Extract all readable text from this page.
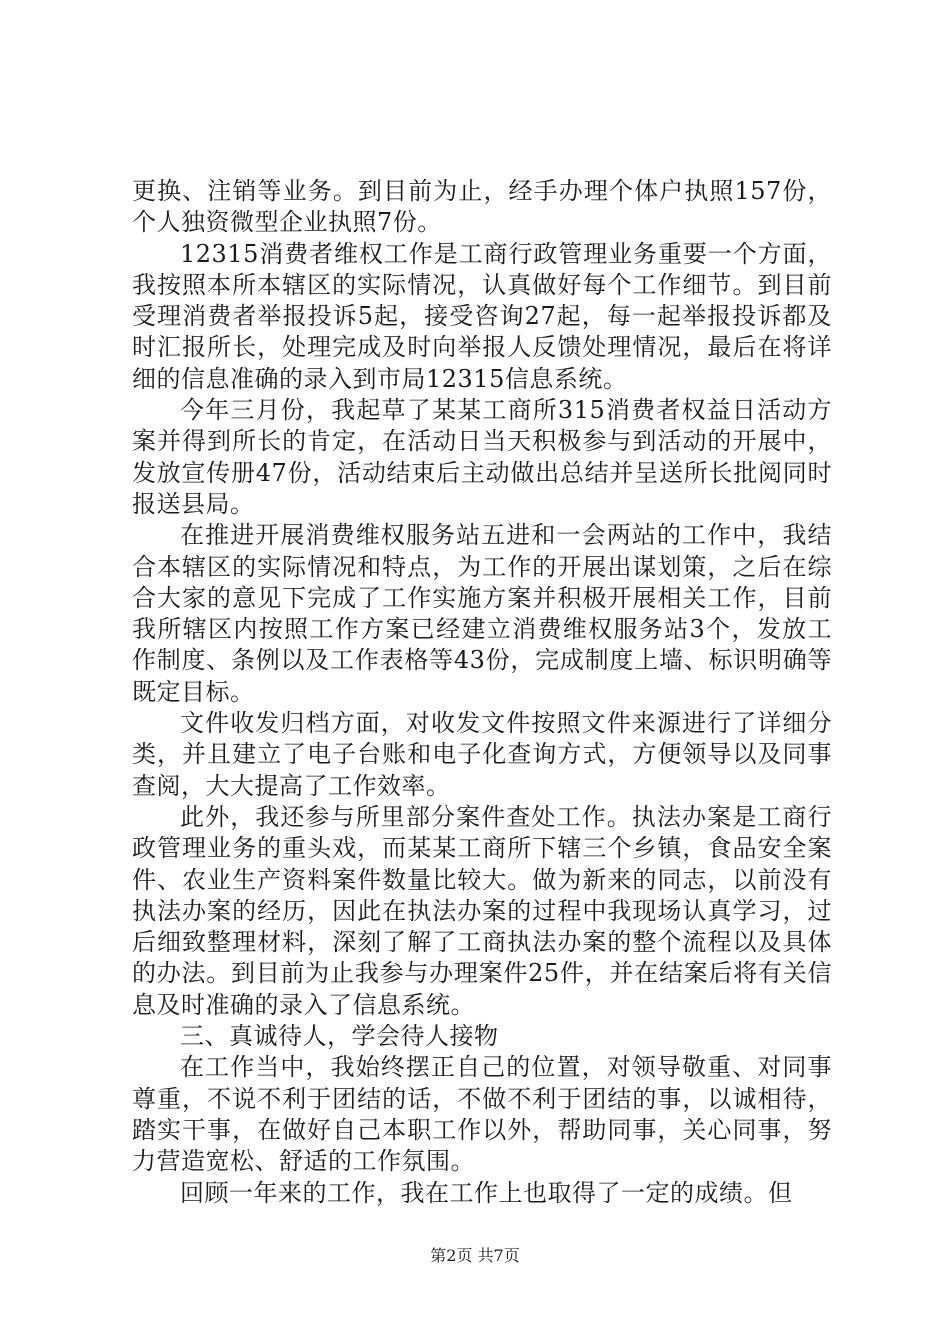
更换、注销等业务。到目前为止，经手办理个体户执照157份，个人独资微型企业执照7份。

12315消费者维权工作是工商行政管理业务重要一个方面，我按照本所本辖区的实际情况，认真做好每个工作细节。到目前受理消费者举报投诉5起，接受咨询27起，每一起举报投诉都及时汇报所长，处理完成及时向举报人反馈处理情况，最后在将详细的信息准确的录入到市局12315信息系统。

今年三月份，我起草了某某工商所315消费者权益日活动方案并得到所长的肯定，在活动日当天积极参与到活动的开展中，发放宣传册47份，活动结束后主动做出总结并呈送所长批阅同时报送县局。

在推进开展消费维权服务站五进和一会两站的工作中，我结合本辖区的实际情况和特点，为工作的开展出谋划策，之后在综合大家的意见下完成了工作实施方案并积极开展相关工作，目前我所辖区内按照工作方案已经建立消费维权服务站3个，发放工作制度、条例以及工作表格等43份，完成制度上墙、标识明确等既定目标。

文件收发归档方面，对收发文件按照文件来源进行了详细分类，并且建立了电子台账和电子化查询方式，方便领导以及同事查阅，大大提高了工作效率。

此外，我还参与所里部分案件查处工作。执法办案是工商行政管理业务的重头戏，而某某工商所下辖三个乡镇，食品安全案件、农业生产资料案件数量比较大。做为新来的同志，以前没有执法办案的经历，因此在执法办案的过程中我现场认真学习，过后细致整理材料，深刻了解了工商执法办案的整个流程以及具体的办法。到目前为止我参与办理案件25件，并在结案后将有关信息及时准确的录入了信息系统。

三、真诚待人，学会待人接物

在工作当中，我始终摆正自己的位置，对领导敬重、对同事尊重，不说不利于团结的话，不做不利于团结的事，以诚相待，踏实干事，在做好自己本职工作以外，帮助同事，关心同事，努力营造宽松、舒适的工作氛围。

回顾一年来的工作，我在工作上也取得了一定的成绩。但

第2页 共7页
